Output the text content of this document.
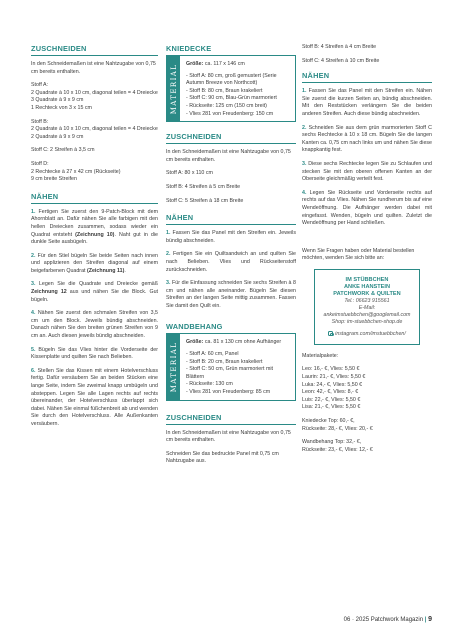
ZUSCHNEIDEN

In den Schneidemaßen ist eine Nahtzugabe von 0,75 cm bereits enthalten.

Stoff A:
2 Quadrate à 10 x 10 cm, diagonal teilen = 4 Dreiecke
3 Quadrate à 9 x 9 cm
1 Rechteck von 3 x 15 cm

Stoff B:
2 Quadrate à 10 x 10 cm, diagonal teilen = 4 Dreiecke
2 Quadrate à 9 x 9 cm

Stoff C: 2 Streifen à 3,5 cm

Stoff D:
2 Rechtecke à 27 x 42 cm (Rückseite)
9 cm breite Streifen

NÄHEN

1. Fertigen Sie zuerst den 9-Patch-Block mit dem Ahornblatt an. Dafür nähen Sie alle farbigen mit den hellen Dreiecken zusammen, sodass wieder ein Quadrat entsteht (Zeichnung 10). Naht gut in die dunkle Seite ausbügeln.

2. Für den Stiel bügeln Sie beide Seiten nach innen und applizieren den Streifen diagonal auf einem beigefarbenen Quadrat (Zeichnung 11).

3. Legen Sie die Quadrate und Dreiecke gemäß Zeichnung 12 aus und nähen Sie die Block. Gut bügeln.

4. Nähen Sie zuerst den schmalen Streifen von 3,5 cm um den Block. Jeweils bündig abschneiden. Danach nähen Sie den breiten grünen Streifen von 9 cm an. Auch diesen jeweils bündig abschneiden.

5. Bügeln Sie das Vlies hinter die Vorderseite der Kissenplatte und quilten Sie nach Belieben.

6. Stellen Sie das Kissen mit einem Hotelverschluss fertig. Dafür versäubern Sie an beiden Stücken eine lange Seite, indem Sie zweimal knapp umbügeln und absteppen. Legen Sie alle Lagen rechts auf rechts übereinander, der Hotelverschluss überlappt sich dabei. Nähen Sie einmal füßchenbreit ab und wenden Sie durch den Hotelverschluss. Alle Außenkanten versäubern.

KNIEDECKE
MATERIAL Größe: ca. 117 x 146 cm

- Stoff A: 80 cm, groß gemustert (Serie Autumn Breeze von Northcott)
- Stoff B: 80 cm, Braun krakeliert
- Stoff C: 90 cm, Blau-Grün marmoriert
- Rückseite: 125 cm (150 cm breit)
- Vlies 281 von Freudenberg: 150 cm

ZUSCHNEIDEN

In den Schneidemaßen ist eine Nahtzugabe von 0,75 cm bereits enthalten.

Stoff A: 80 x 110 cm

Stoff B: 4 Streifen à 5 cm Breite

Stoff C: 5 Streifen à 18 cm Breite

NÄHEN

1. Fassen Sie das Panel mit den Streifen ein. Jeweils bündig abschneiden.

2. Fertigen Sie ein Quiltsandwich an und quilten Sie nach Belieben. Vlies und Rückseitenstoff zurückschneiden.

3. Für die Einfassung schneiden Sie sechs Streifen à 8 cm und nähen alle aneinander. Bügeln Sie diesen Streifen an der langen Seite mittig zusammen. Fassen Sie damit den Quilt ein.

WANDBEHANG
MATERIAL Größe: ca. 81 x 130 cm ohne Aufhänger

- Stoff A: 60 cm, Panel
- Stoff B: 20 cm, Braun krakeliert
- Stoff C: 50 cm, Grün marmoriert mit Blättern
- Rückseite: 130 cm
- Vlies 281 von Freudenberg: 85 cm

ZUSCHNEIDEN

In den Schneidemaßen ist eine Nahtzugabe von 0,75 cm bereits enthalten.

Schneiden Sie das bedruckte Panel mit 0,75 cm Nahtzugabe aus.

Stoff B: 4 Streifen à 4 cm Breite

Stoff C: 4 Streifen à 10 cm Breite

NÄHEN

1. Fassen Sie das Panel mit den Streifen ein. Nähen Sie zuerst die kurzen Seiten an, bündig abschneiden. Mit den Reststücken verlängern Sie die beiden anderen Streifen. Auch diese bündig abschneiden.

2. Schneiden Sie aus dem grün marmorierten Stoff C sechs Rechtecke à 10 x 18 cm. Bügeln Sie die langen Kanten ca. 0,75 cm nach links um und nähen Sie diese knappkantig fest.

3. Diese sechs Rechtecke legen Sie zu Schlaufen und stecken Sie mit den oberen offenen Kanten an der Oberseite gleichmäßig verteilt fest.

4. Legen Sie Rückseite und Vorderseite rechts auf rechts auf das Vlies. Nähen Sie rundherum bis auf eine Wendeöffnung. Die Aufhänger werden dabei mit eingefasst. Wenden, bügeln und quilten. Zuletzt die Wendeöffnung per Hand schließen.

Wenn Sie Fragen haben oder Material bestellen möchten, wenden Sie sich bitte an:

IM STÜBBCHEN
ANKE HANSTEIN
PATCHWORK & QUILTEN
Tel.: 06623 915561
E-Mail:
ankeimstuebbchen@googlemail.com
Shop: im-stuebbchen-shop.de
instagram.com/imstuebbchen/

Materialpakete:

Leo: 16,- €, Vlies: 5,50 €
Laurin: 21,- €, Vlies: 5,50 €
Luka: 24,- €, Vlies: 5,50 €
Leon: 42,- €, Vlies: 8,- €
Luis: 22,- €, Vlies: 5,50 €
Lisa: 21,- €, Vlies: 5,50 €

Kniedecke Top: 60,- €,
Rückseite: 28,- €, Vlies: 20,- €

Wandbehang Top: 32,- €,
Rückseite: 23,- €, Vlies: 12,- €

06 · 2025 Patchwork Magazin | 9
